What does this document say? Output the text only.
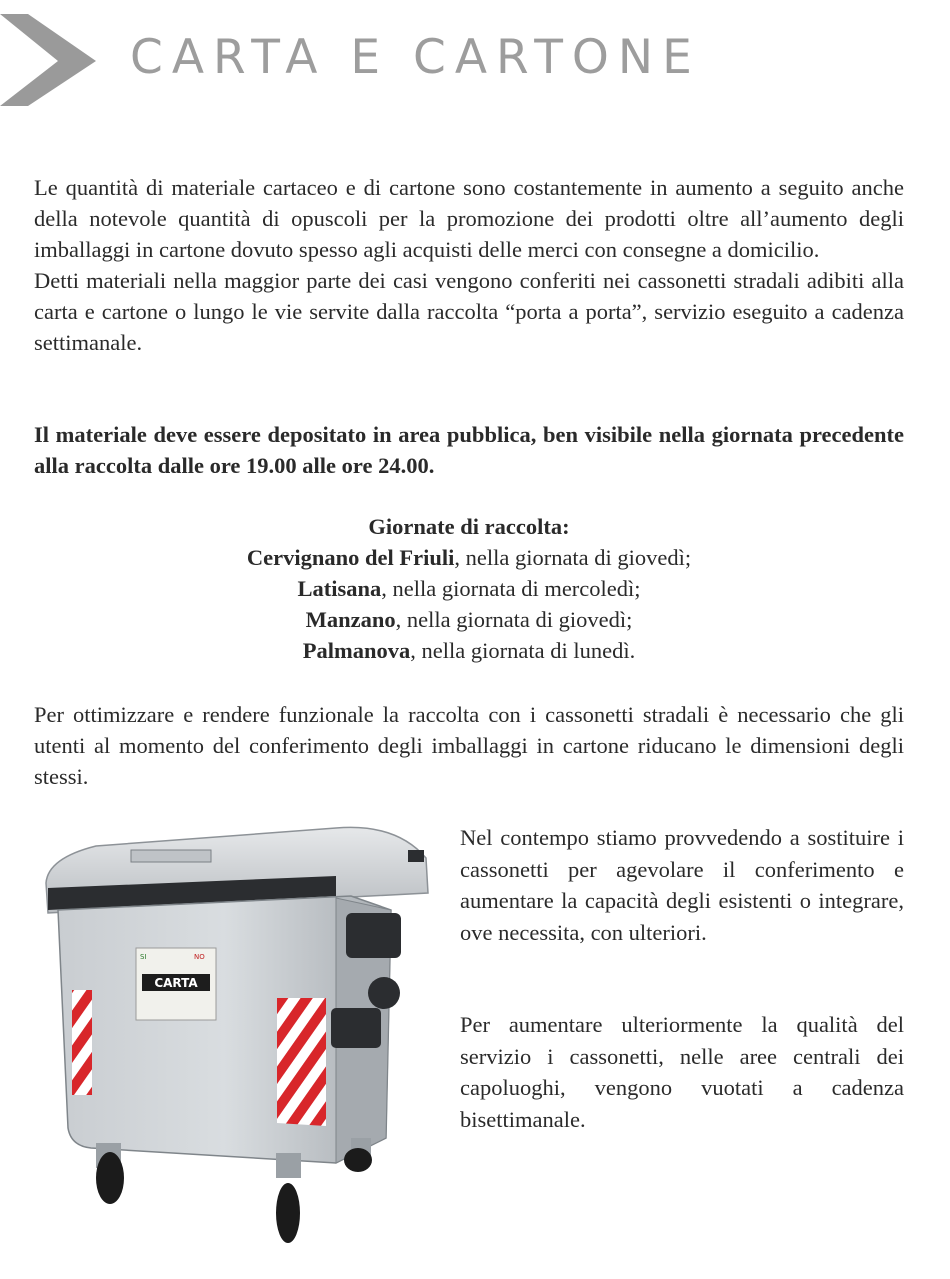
CARTA E CARTONE
Le quantità di materiale cartaceo e di cartone sono costantemente in aumento a seguito anche della notevole quantità di opuscoli per la promozione dei prodotti oltre all’aumento degli imballaggi in cartone dovuto spesso agli acquisti delle merci con consegne a domicilio.
Detti materiali nella maggior parte dei casi vengono conferiti nei cassonetti stradali adibiti alla carta e cartone o lungo le vie servite dalla raccolta “porta a porta”, servizio eseguito a cadenza settimanale.

Il materiale deve essere depositato in area pubblica, ben visibile nella giornata precedente alla raccolta dalle ore 19.00 alle ore 24.00.

Giornate di raccolta:
Cervignano del Friuli, nella giornata di giovedì;
Latisana, nella giornata di mercoledì;
Manzano, nella giornata di giovedì;
Palmanova, nella giornata di lunedì.

Per ottimizzare e rendere funzionale la raccolta con i cassonetti stradali è necessario che gli utenti al momento del conferimento degli imballaggi in cartone riducano le dimensioni degli stessi.

CARTA
SI	NO

Nel contempo stiamo provvedendo a sostituire i cassonetti per agevolare il conferimento e aumentare la capacità degli esistenti o integrare, ove necessita, con ulteriori.

Per aumentare ulteriormente la qualità del servizio i cassonetti, nelle aree centrali dei capoluoghi, vengono vuotati a cadenza bisettimanale.
